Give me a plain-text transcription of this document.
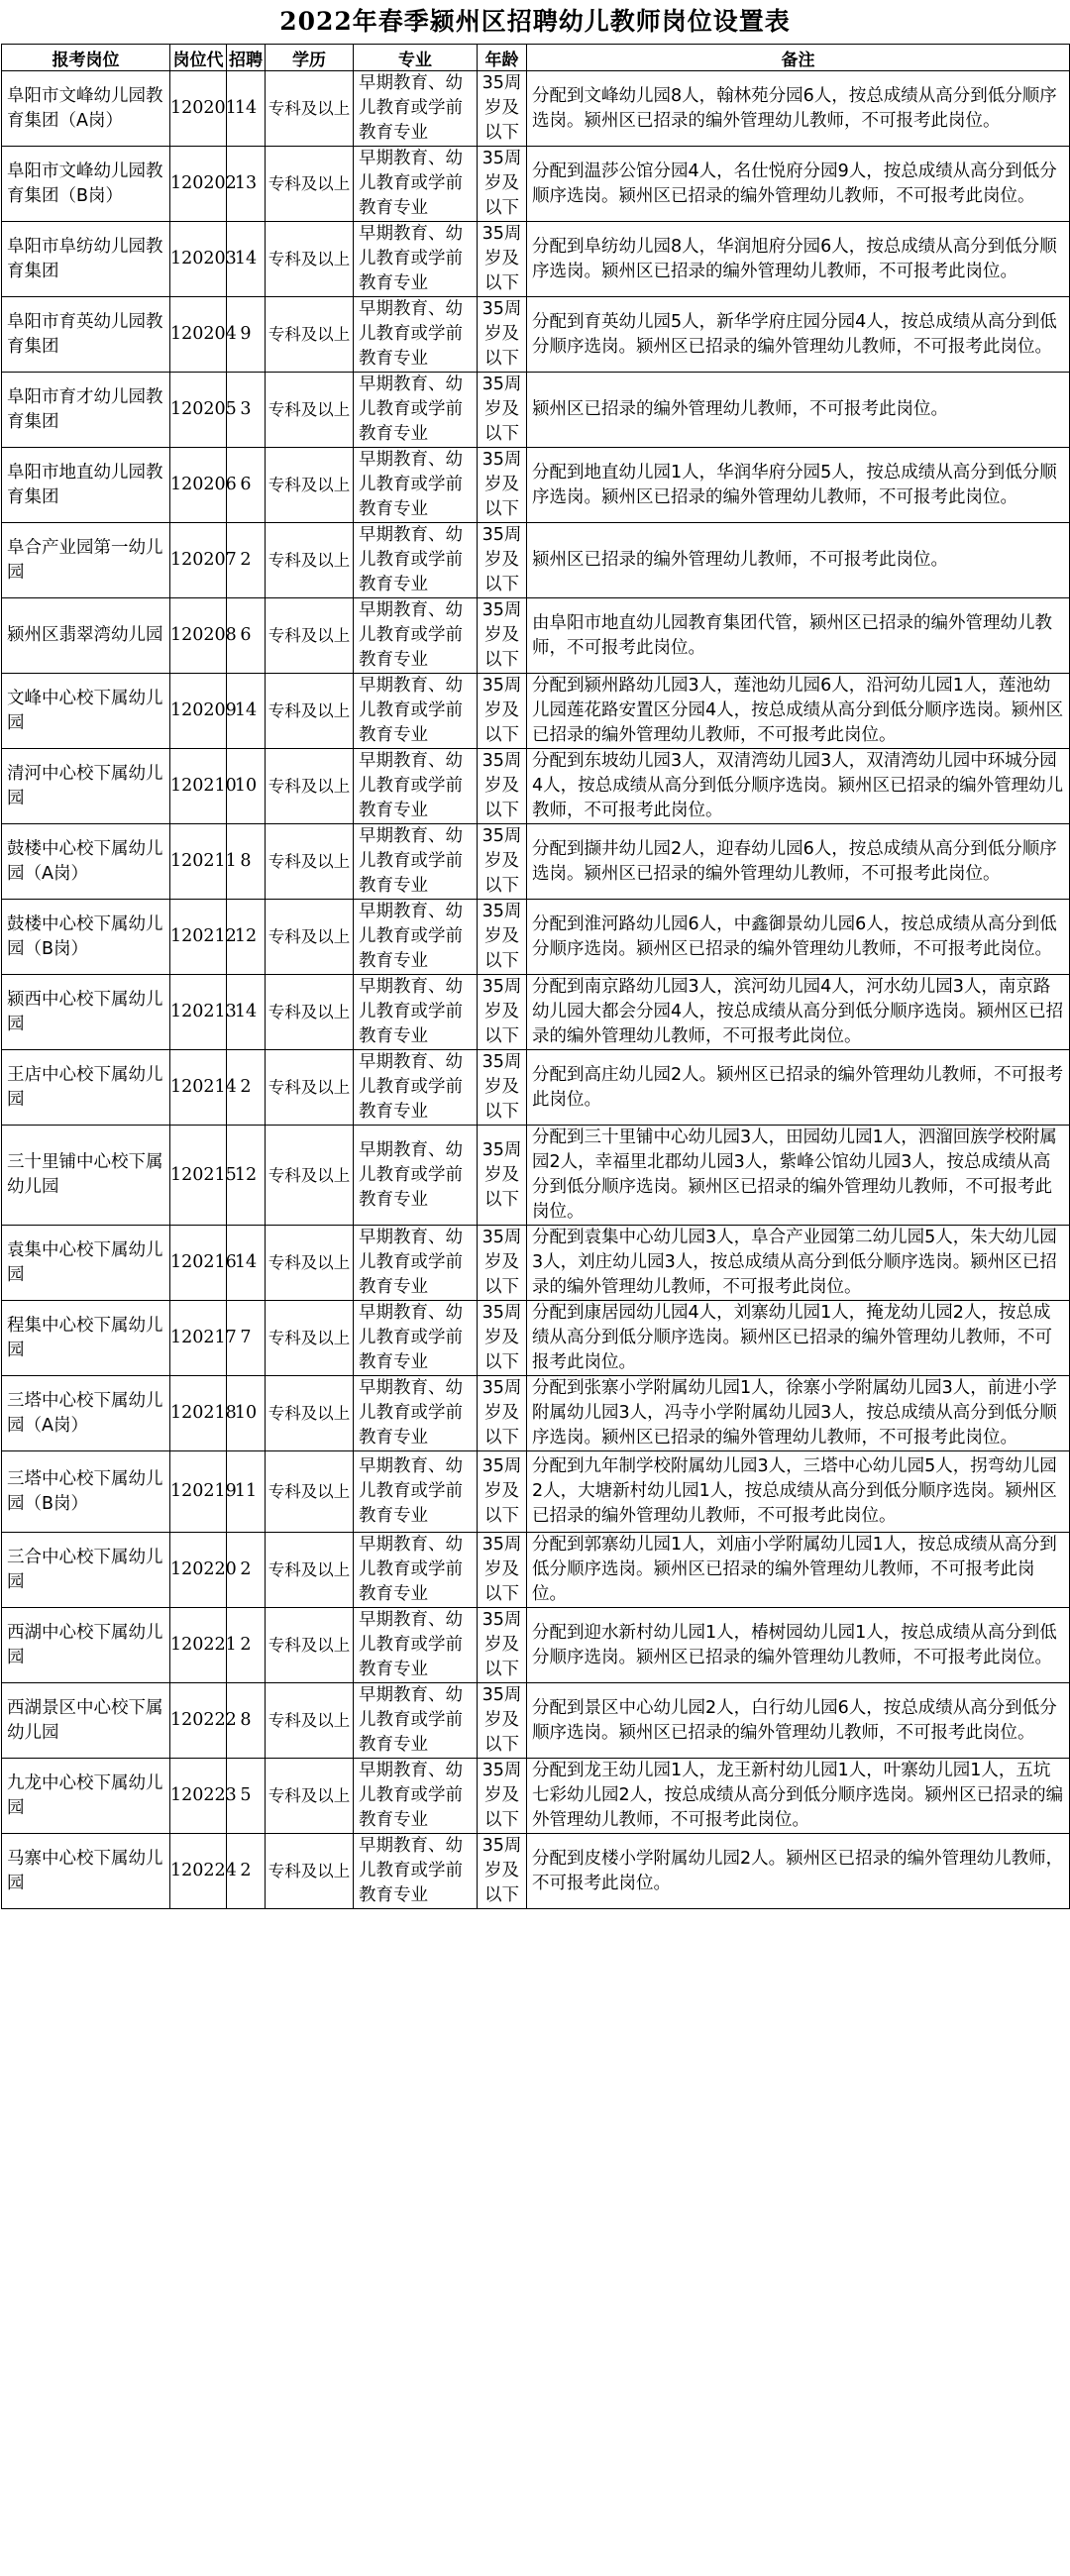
2022年春季颍州区招聘幼儿教师岗位设置表
报考岗位	岗位代	招聘	学历	专业	年龄	备注
阜阳市文峰幼儿园教育集团（A岗）	120201	14	专科及以上	早期教育、幼儿教育或学前教育专业	35周岁及以下	分配到文峰幼儿园8人，翰林苑分园6人，按总成绩从高分到低分顺序选岗。颍州区已招录的编外管理幼儿教师，不可报考此岗位。
阜阳市文峰幼儿园教育集团（B岗）	120202	13	专科及以上	早期教育、幼儿教育或学前教育专业	35周岁及以下	分配到温莎公馆分园4人，名仕悦府分园9人，按总成绩从高分到低分顺序选岗。颍州区已招录的编外管理幼儿教师，不可报考此岗位。
阜阳市阜纺幼儿园教育集团	120203	14	专科及以上	早期教育、幼儿教育或学前教育专业	35周岁及以下	分配到阜纺幼儿园8人，华润旭府分园6人，按总成绩从高分到低分顺序选岗。颍州区已招录的编外管理幼儿教师，不可报考此岗位。
阜阳市育英幼儿园教育集团	120204	9	专科及以上	早期教育、幼儿教育或学前教育专业	35周岁及以下	分配到育英幼儿园5人，新华学府庄园分园4人，按总成绩从高分到低分顺序选岗。颍州区已招录的编外管理幼儿教师，不可报考此岗位。
阜阳市育才幼儿园教育集团	120205	3	专科及以上	早期教育、幼儿教育或学前教育专业	35周岁及以下	颍州区已招录的编外管理幼儿教师，不可报考此岗位。
阜阳市地直幼儿园教育集团	120206	6	专科及以上	早期教育、幼儿教育或学前教育专业	35周岁及以下	分配到地直幼儿园1人，华润华府分园5人，按总成绩从高分到低分顺序选岗。颍州区已招录的编外管理幼儿教师，不可报考此岗位。
阜合产业园第一幼儿园	120207	2	专科及以上	早期教育、幼儿教育或学前教育专业	35周岁及以下	颍州区已招录的编外管理幼儿教师，不可报考此岗位。
颍州区翡翠湾幼儿园	120208	6	专科及以上	早期教育、幼儿教育或学前教育专业	35周岁及以下	由阜阳市地直幼儿园教育集团代管，颍州区已招录的编外管理幼儿教师，不可报考此岗位。
文峰中心校下属幼儿园	120209	14	专科及以上	早期教育、幼儿教育或学前教育专业	35周岁及以下	分配到颍州路幼儿园3人，莲池幼儿园6人，沿河幼儿园1人，莲池幼儿园莲花路安置区分园4人，按总成绩从高分到低分顺序选岗。颍州区已招录的编外管理幼儿教师，不可报考此岗位。
清河中心校下属幼儿园	120210	10	专科及以上	早期教育、幼儿教育或学前教育专业	35周岁及以下	分配到东坡幼儿园3人，双清湾幼儿园3人，双清湾幼儿园中环城分园4人，按总成绩从高分到低分顺序选岗。颍州区已招录的编外管理幼儿教师，不可报考此岗位。
鼓楼中心校下属幼儿园（A岗）	120211	8	专科及以上	早期教育、幼儿教育或学前教育专业	35周岁及以下	分配到撷井幼儿园2人，迎春幼儿园6人，按总成绩从高分到低分顺序选岗。颍州区已招录的编外管理幼儿教师，不可报考此岗位。
鼓楼中心校下属幼儿园（B岗）	120212	12	专科及以上	早期教育、幼儿教育或学前教育专业	35周岁及以下	分配到淮河路幼儿园6人，中鑫御景幼儿园6人，按总成绩从高分到低分顺序选岗。颍州区已招录的编外管理幼儿教师，不可报考此岗位。
颍西中心校下属幼儿园	120213	14	专科及以上	早期教育、幼儿教育或学前教育专业	35周岁及以下	分配到南京路幼儿园3人，滨河幼儿园4人，河水幼儿园3人，南京路幼儿园大都会分园4人，按总成绩从高分到低分顺序选岗。颍州区已招录的编外管理幼儿教师，不可报考此岗位。
王店中心校下属幼儿园	120214	2	专科及以上	早期教育、幼儿教育或学前教育专业	35周岁及以下	分配到高庄幼儿园2人。颍州区已招录的编外管理幼儿教师，不可报考此岗位。
三十里铺中心校下属幼儿园	120215	12	专科及以上	早期教育、幼儿教育或学前教育专业	35周岁及以下	分配到三十里铺中心幼儿园3人，田园幼儿园1人，泗溜回族学校附属园2人，幸福里北郡幼儿园3人，紫峰公馆幼儿园3人，按总成绩从高分到低分顺序选岗。颍州区已招录的编外管理幼儿教师，不可报考此岗位。
袁集中心校下属幼儿园	120216	14	专科及以上	早期教育、幼儿教育或学前教育专业	35周岁及以下	分配到袁集中心幼儿园3人，阜合产业园第二幼儿园5人，朱大幼儿园3人，刘庄幼儿园3人，按总成绩从高分到低分顺序选岗。颍州区已招录的编外管理幼儿教师，不可报考此岗位。
程集中心校下属幼儿园	120217	7	专科及以上	早期教育、幼儿教育或学前教育专业	35周岁及以下	分配到康居园幼儿园4人，刘寨幼儿园1人，掩龙幼儿园2人，按总成绩从高分到低分顺序选岗。颍州区已招录的编外管理幼儿教师，不可报考此岗位。
三塔中心校下属幼儿园（A岗）	120218	10	专科及以上	早期教育、幼儿教育或学前教育专业	35周岁及以下	分配到张寨小学附属幼儿园1人，徐寨小学附属幼儿园3人，前进小学附属幼儿园3人，冯寺小学附属幼儿园3人，按总成绩从高分到低分顺序选岗。颍州区已招录的编外管理幼儿教师，不可报考此岗位。
三塔中心校下属幼儿园（B岗）	120219	11	专科及以上	早期教育、幼儿教育或学前教育专业	35周岁及以下	分配到九年制学校附属幼儿园3人，三塔中心幼儿园5人，拐弯幼儿园2人，大塘新村幼儿园1人，按总成绩从高分到低分顺序选岗。颍州区已招录的编外管理幼儿教师，不可报考此岗位。
三合中心校下属幼儿园	120220	2	专科及以上	早期教育、幼儿教育或学前教育专业	35周岁及以下	分配到郭寨幼儿园1人，刘庙小学附属幼儿园1人，按总成绩从高分到低分顺序选岗。颍州区已招录的编外管理幼儿教师，不可报考此岗位。
西湖中心校下属幼儿园	120221	2	专科及以上	早期教育、幼儿教育或学前教育专业	35周岁及以下	分配到迎水新村幼儿园1人，椿树园幼儿园1人，按总成绩从高分到低分顺序选岗。颍州区已招录的编外管理幼儿教师，不可报考此岗位。
西湖景区中心校下属幼儿园	120222	8	专科及以上	早期教育、幼儿教育或学前教育专业	35周岁及以下	分配到景区中心幼儿园2人，白行幼儿园6人，按总成绩从高分到低分顺序选岗。颍州区已招录的编外管理幼儿教师，不可报考此岗位。
九龙中心校下属幼儿园	120223	5	专科及以上	早期教育、幼儿教育或学前教育专业	35周岁及以下	分配到龙王幼儿园1人，龙王新村幼儿园1人，叶寨幼儿园1人，五坑七彩幼儿园2人，按总成绩从高分到低分顺序选岗。颍州区已招录的编外管理幼儿教师，不可报考此岗位。
马寨中心校下属幼儿园	120224	2	专科及以上	早期教育、幼儿教育或学前教育专业	35周岁及以下	分配到皮楼小学附属幼儿园2人。颍州区已招录的编外管理幼儿教师，不可报考此岗位。
